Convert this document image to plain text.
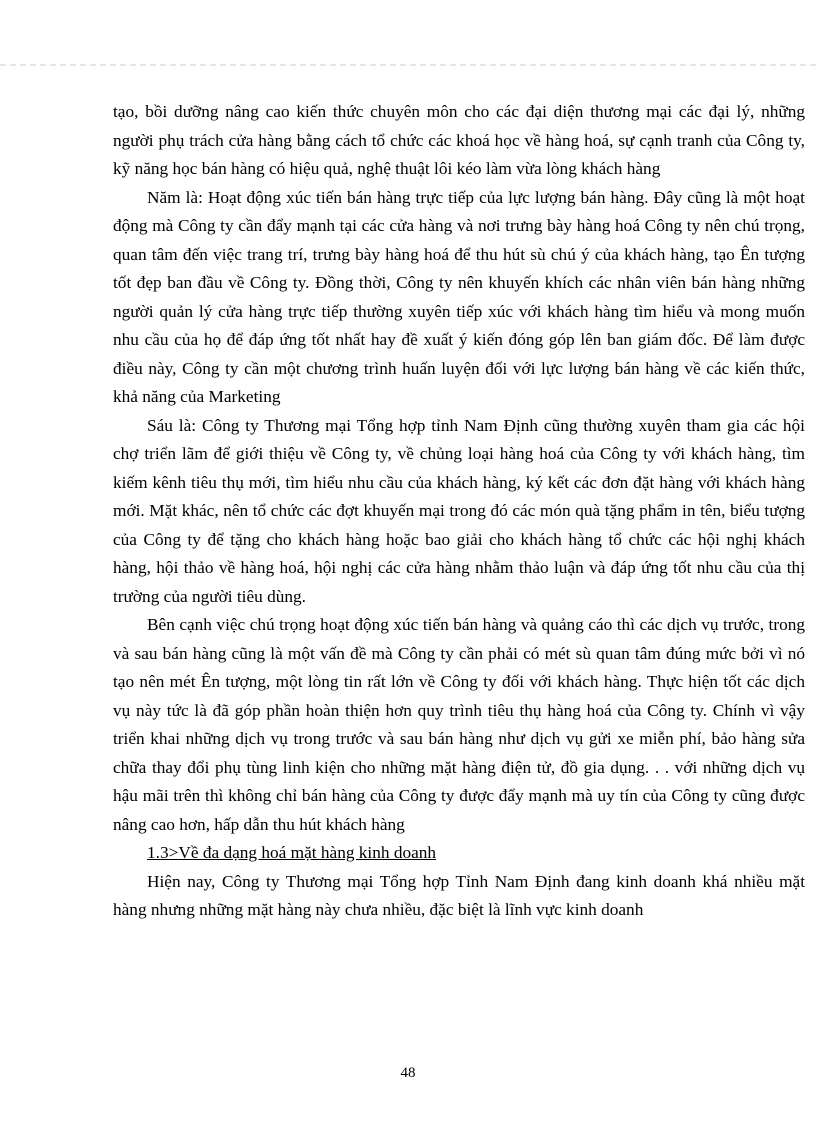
tạo, bồi dưỡng nâng cao kiến thức chuyên môn cho các đại diện thương mại các đại lý, những người phụ trách cửa hàng bằng cách tổ chức các khoá học về hàng hoá, sự cạnh tranh của Công ty, kỹ năng học bán hàng có hiệu quả, nghệ thuật lôi kéo làm vừa lòng khách hàng

Năm là: Hoạt động xúc tiến bán hàng trực tiếp của lực lượng bán hàng. Đây cũng là một hoạt động mà Công ty cần đẩy mạnh tại các cửa hàng và nơi trưng bày hàng hoá Công ty nên chú trọng, quan tâm đến việc trang trí, trưng bày hàng hoá để thu hút sù chú ý của khách hàng, tạo Ên tượng tốt đẹp ban đầu về Công ty. Đồng thời, Công ty nên khuyến khích các nhân viên bán hàng những người quản lý cửa hàng trực tiếp thường xuyên tiếp xúc với khách hàng tìm hiểu và mong muốn nhu cầu của họ để đáp ứng tốt nhất hay đề xuất ý kiến đóng góp lên ban giám đốc. Để làm được điều này, Công ty cần một chương trình huấn luyện đối với lực lượng bán hàng về các kiến thức, khả năng của Marketing

Sáu là: Công ty Thương mại Tổng hợp tỉnh Nam Định cũng thường xuyên tham gia các hội chợ triển lãm để giới thiệu về Công ty, về chủng loại hàng hoá của Công ty với khách hàng, tìm kiếm kênh tiêu thụ mới, tìm hiểu nhu cầu của khách hàng, ký kết các đơn đặt hàng với khách hàng mới. Mặt khác, nên tổ chức các đợt khuyến mại trong đó các món quà tặng phẩm in tên, biểu tượng của Công ty để tặng cho khách hàng hoặc bao giải cho khách hàng tổ chức các hội nghị khách hàng, hội thảo về hàng hoá, hội nghị các cửa hàng nhằm thảo luận và đáp ứng tốt nhu cầu của thị trường của người tiêu dùng.

Bên cạnh việc chú trọng hoạt động xúc tiến bán hàng và quảng cáo thì các dịch vụ trước, trong và sau bán hàng cũng là một vấn đề mà Công ty cần phải có mét sù quan tâm đúng mức bởi vì nó tạo nên mét Ên tượng, một lòng tin rất lớn về Công ty đối với khách hàng. Thực hiện tốt các dịch vụ này tức là đã góp phần hoàn thiện hơn quy trình tiêu thụ hàng hoá của Công ty. Chính vì vậy triển khai những dịch vụ trong trước và sau bán hàng như dịch vụ gửi xe miễn phí, bảo hàng sửa chữa thay đổi phụ tùng linh kiện cho những mặt hàng điện tử, đồ gia dụng. . . với những dịch vụ hậu mãi trên thì không chỉ bán hàng của Công ty được đẩy mạnh mà uy tín của Công ty cũng được nâng cao hơn, hấp dẫn thu hút khách hàng

1.3>Về đa dạng hoá mặt hàng kinh doanh

Hiện nay, Công ty Thương mại Tổng hợp Tỉnh Nam Định đang kinh doanh khá nhiều mặt hàng nhưng những mặt hàng này chưa nhiều, đặc biệt là lĩnh vực kinh doanh

48
